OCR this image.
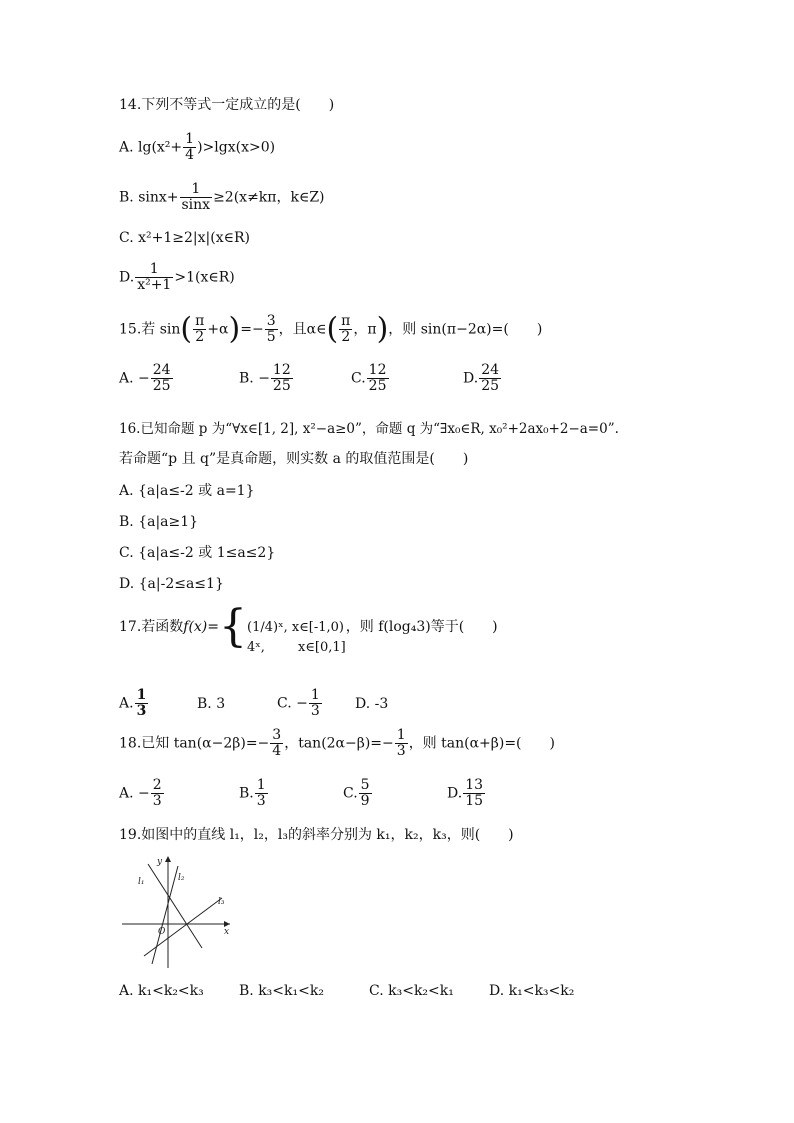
14.下列不等式一定成立的是(　　)
A. $\lg(x^2+ \frac{1}{4} )>\lg x(x>0)$
B. $\sin x+ \frac{1}{\sin x} \ge 2(x\ne k\pi$，k∈Z)
C. x²+1≥2|x|(x∈R)
D. $\frac{1}{\text{x²+1}}$ >1(x∈R)
15.若 $\sin( \frac{\pi}{2} +\alpha)=- \frac{3}{5}$ ，且α∈( $\frac{\pi}{2}$ ，π)，则 sin(π−2α)=(　　)
A. − $\frac{24}{25}$	B. − $\frac{12}{25}$	C. $\frac{12}{25}$	D. $\frac{24}{25}$
16.已知命题 p 为“∀x∈[1, 2], x²−a≥0”，命题 q 为“∃x₀∈R, x₀²+2ax₀+2−a=0”.
若命题“p 且 q”是真命题，则实数 a 的取值范围是(　　)
A. {a|a≤-2 或 a=1}
B. {a|a≥1}
C. {a|a≤-2 或 1≤a≤2}
D. {a|-2≤a≤1}
17.若函数f(x)={ (1/4)ˣ, x∈[-1,0)
4ˣ,        x∈[0,1]
，则 f(log₄3)等于(　　)
A. $\frac{1}{3}$	B. 3	C. − $\frac{1}{3} D$. -3
18.已知 $\tan(\alpha-2\beta)=- \frac{3}{4}$ ，$\tan(2\alpha-\beta)=- \frac{1}{3}$ ，则 tan(α+β)=(　　)
A. − $\frac{2}{3}$	B. $\frac{1}{3}$	C. $\frac{5}{9}$	D. $\frac{13}{15}$
19.如图中的直线 l₁，l₂，l₃的斜率分别为 k₁，k₂，k₃，则(　　)
y
x
O
l₁	l₂
l₃
A. k₁<k₂<k₃	B. k₃<k₁<k₂	C. k₃<k₂<k₁	D. k₁<k₃<k₂
